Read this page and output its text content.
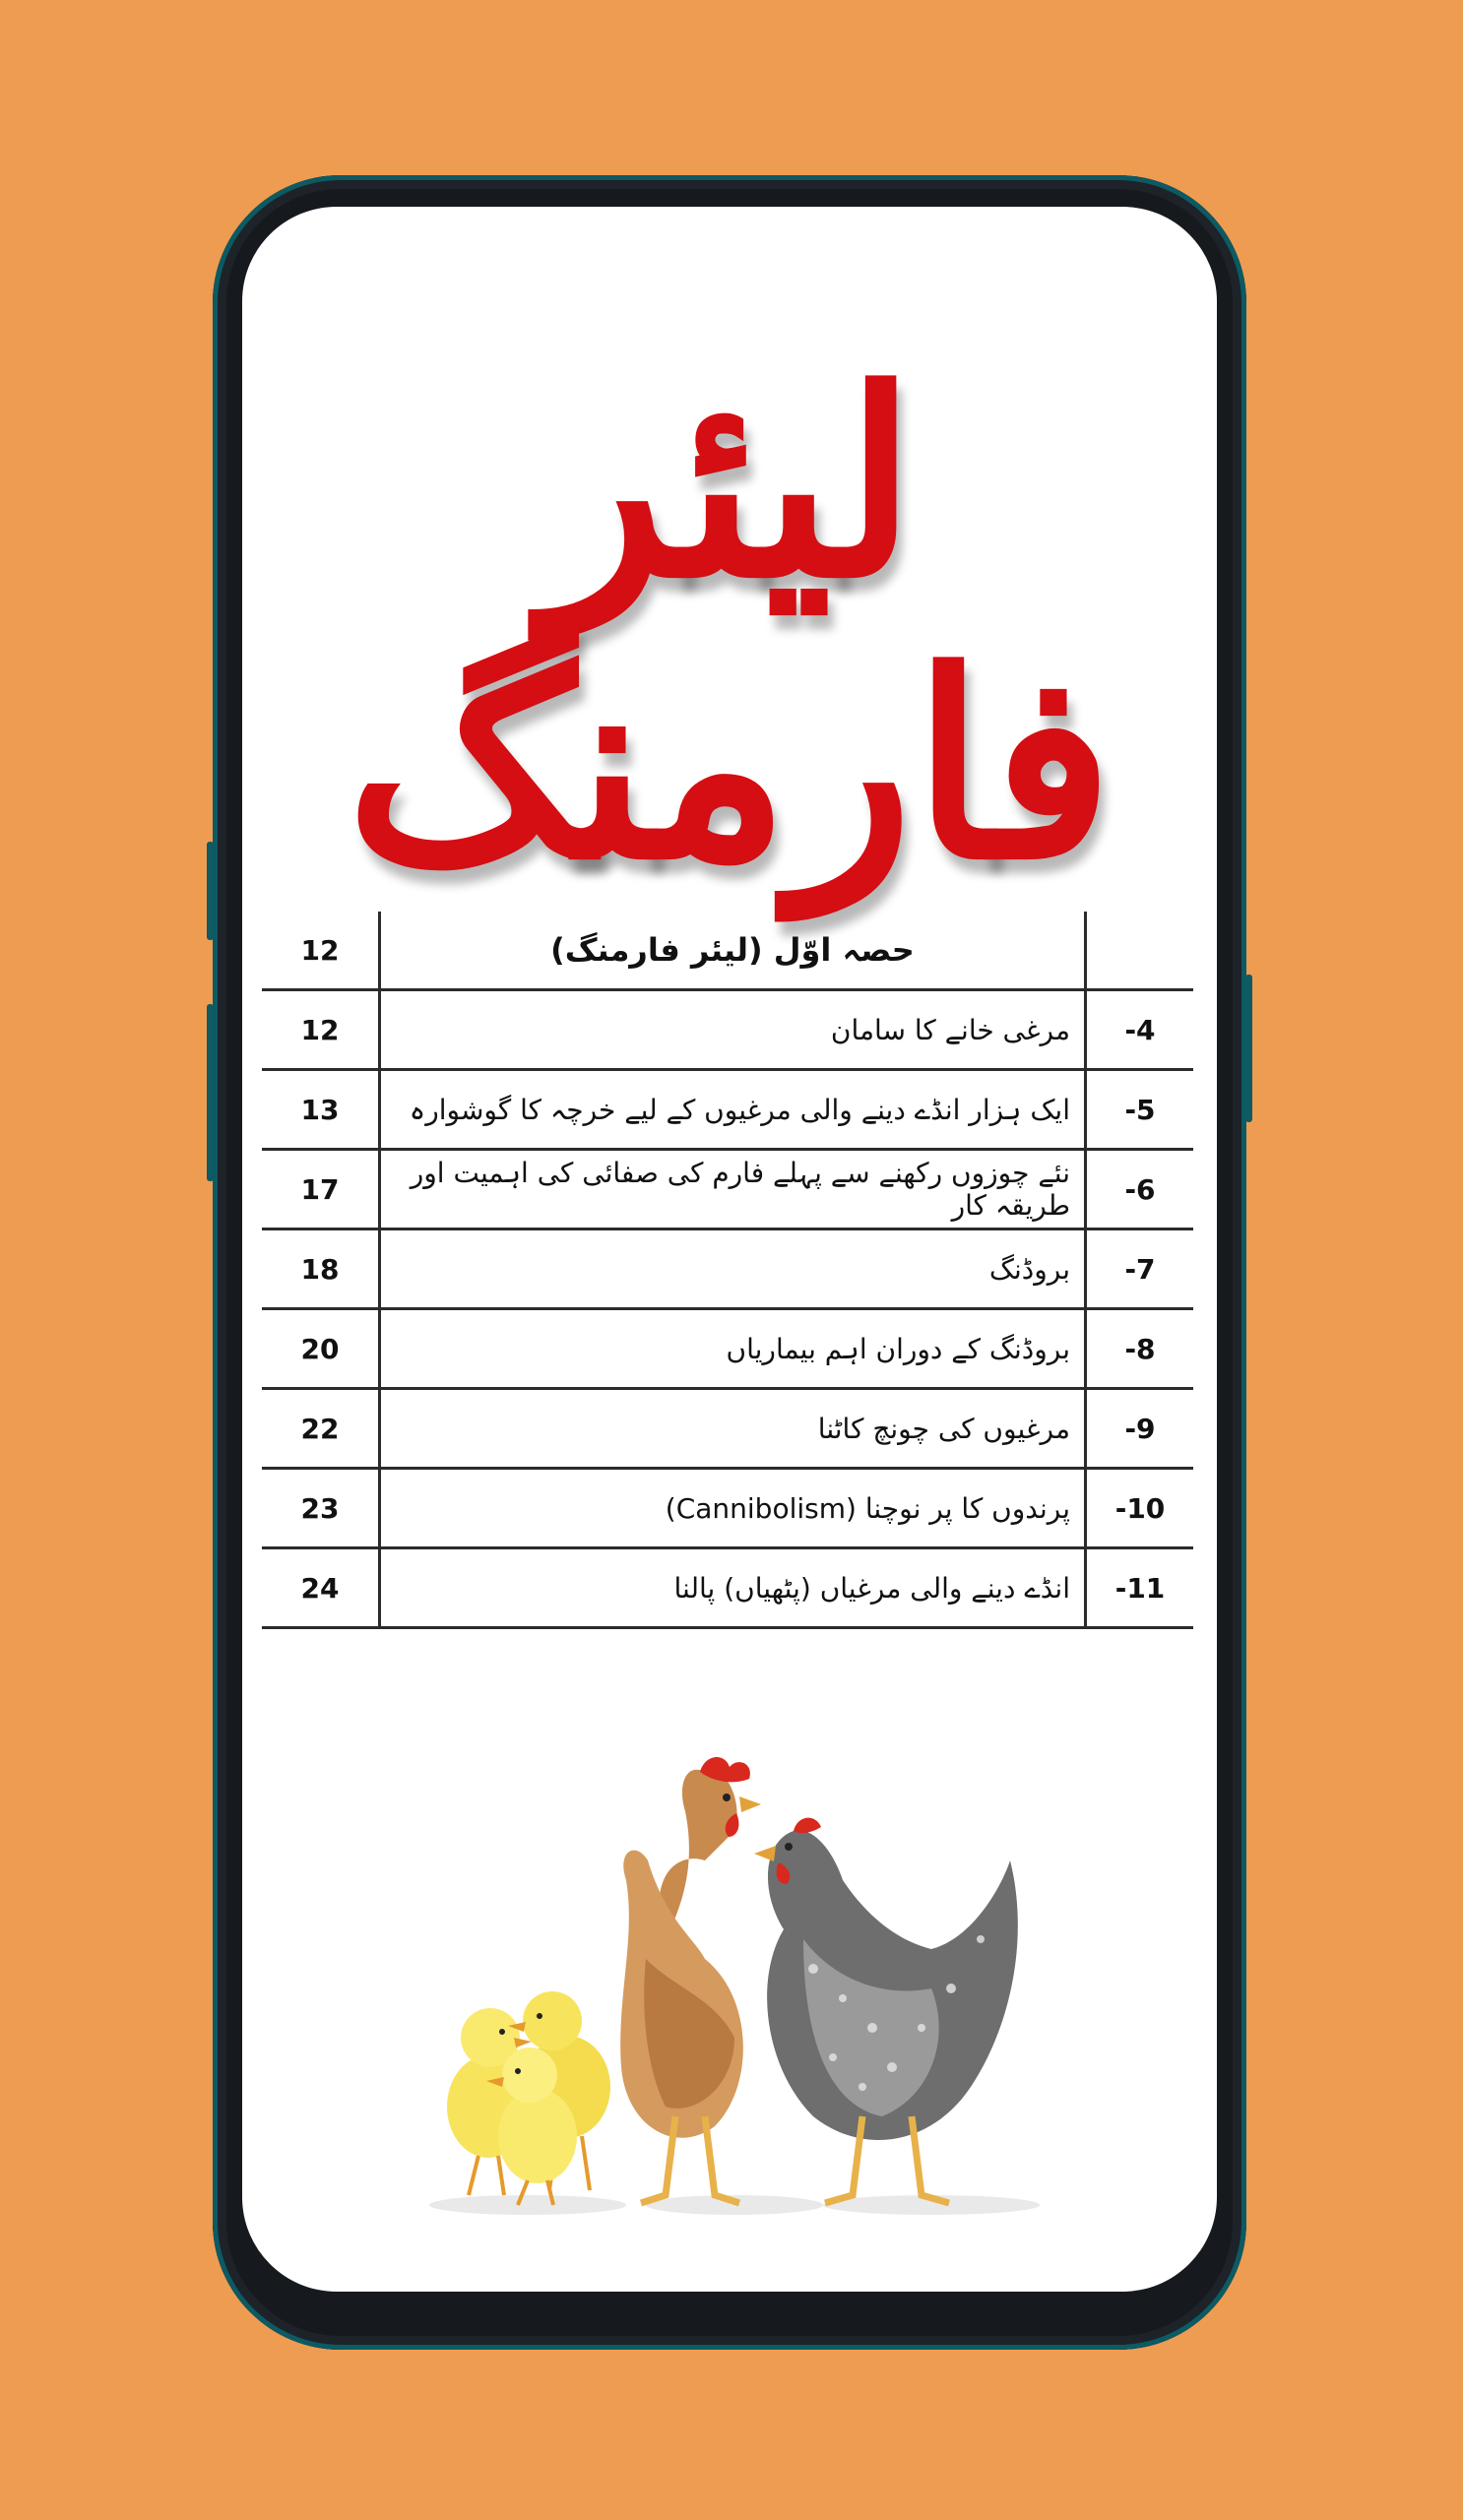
لیئر فارمنگ
12	حصہ اوّل (لیئر فارمنگ)	
12	مرغی خانے کا سامان	-4
13	ایک ہزار انڈے دینے والی مرغیوں کے لیے خرچہ کا گوشوارہ	-5
17	نئے چوزوں رکھنے سے پہلے فارم کی صفائی کی اہمیت اور طریقہ کار	-6
18	بروڈنگ	-7
20	بروڈنگ کے دوران اہم بیماریاں	-8
22	مرغیوں کی چونچ کاٹنا	-9
23	پرندوں کا پر نوچنا (Cannibolism)	-10
24	انڈے دینے والی مرغیاں (پٹھیاں) پالنا	-11
